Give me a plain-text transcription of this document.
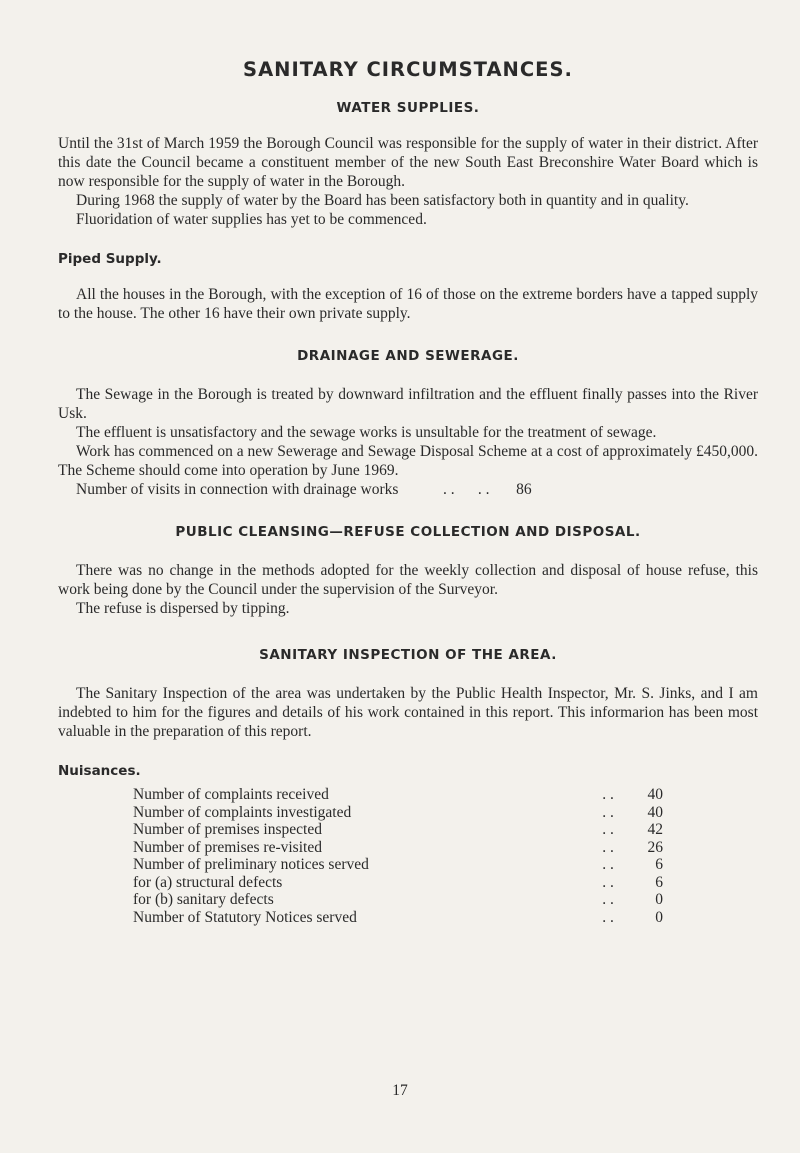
SANITARY CIRCUMSTANCES.
WATER SUPPLIES.

Until the 31st of March 1959 the Borough Council was responsible for the supply of water in their district. After this date the Council became a constituent member of the new South East Breconshire Water Board which is now responsible for the supply of water in the Borough.

During 1968 the supply of water by the Board has been satisfactory both in quantity and in quality.

Fluoridation of water supplies has yet to be commenced.

Piped Supply.

All the houses in the Borough, with the exception of 16 of those on the extreme borders have a tapped supply to the house. The other 16 have their own private supply.

DRAINAGE AND SEWERAGE.

The Sewage in the Borough is treated by downward infiltration and the effluent finally passes into the River Usk.

The effluent is unsatisfactory and the sewage works is unsultable for the treatment of sewage.

Work has commenced on a new Sewerage and Sewage Disposal Scheme at a cost of approximately £450,000. The Scheme should come into operation by June 1969.

Number of visits in connection with drainage works	. .      . . 86

PUBLIC CLEANSING—REFUSE COLLECTION AND DISPOSAL.

There was no change in the methods adopted for the weekly collection and disposal of house refuse, this work being done by the Council under the supervision of the Surveyor.

The refuse is dispersed by tipping.

SANITARY INSPECTION OF THE AREA.

The Sanitary Inspection of the area was undertaken by the Public Health Inspector, Mr. S. Jinks, and I am indebted to him for the figures and details of his work contained in this report. This informarion has been most valuable in the preparation of this report.

Nuisances.
Number of complaints received	. .	40
Number of complaints investigated	. .	40
Number of premises inspected	. .	42
Number of premises re-visited	. .	26
Number of preliminary notices served	. .	6
for (a) structural defects	. .	6
for (b) sanitary defects	. .	0
Number of Statutory Notices served	. .	0
17
